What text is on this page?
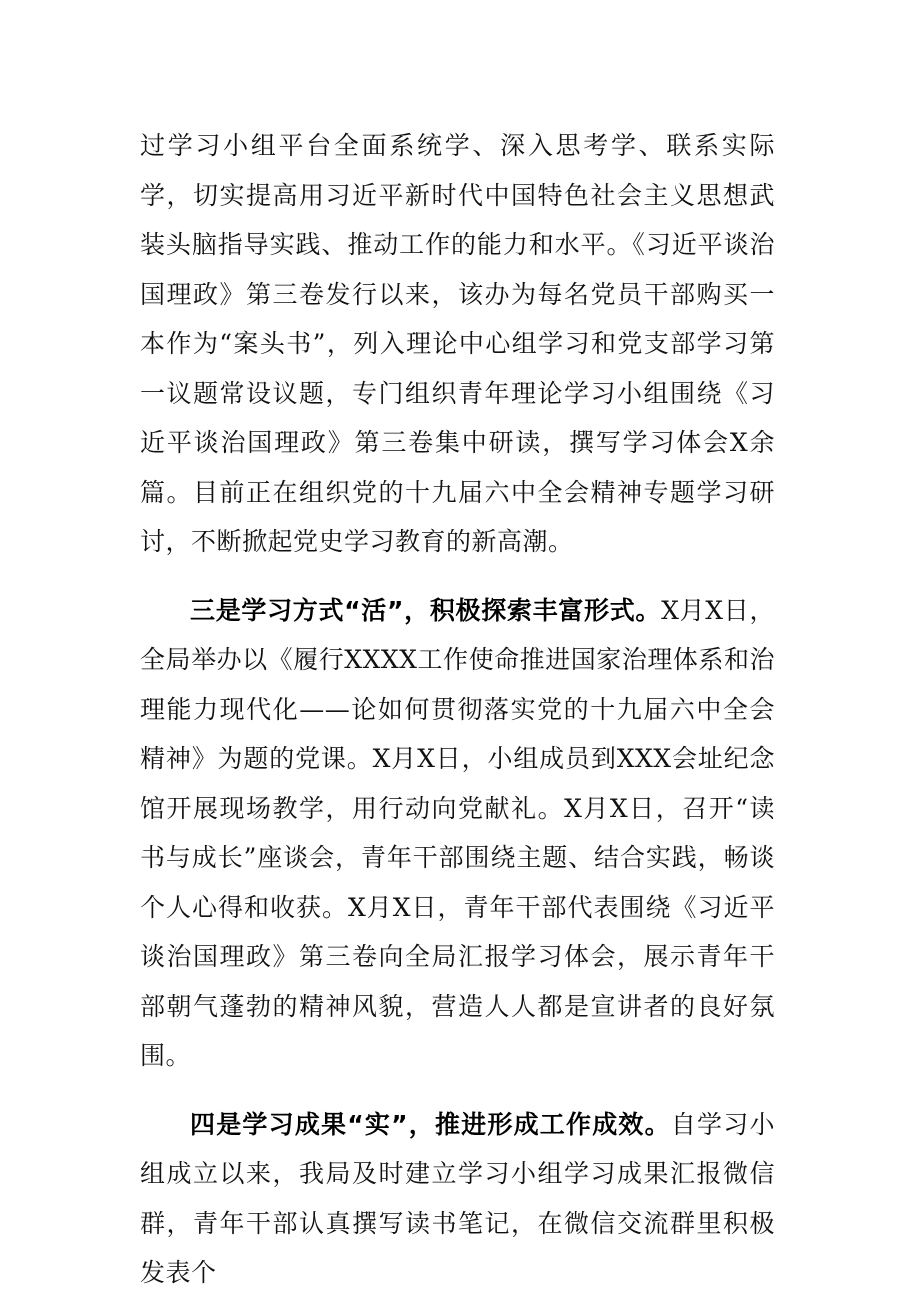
过学习小组平台全面系统学、深入思考学、联系实际学，切实提高用习近平新时代中国特色社会主义思想武装头脑指导实践、推动工作的能力和水平。《习近平谈治国理政》第三卷发行以来，该办为每名党员干部购买一本作为“案头书”，列入理论中心组学习和党支部学习第一议题常设议题，专门组织青年理论学习小组围绕《习近平谈治国理政》第三卷集中研读，撰写学习体会X余篇。目前正在组织党的十九届六中全会精神专题学习研讨，不断掀起党史学习教育的新高潮。

三是学习方式“活”，积极探索丰富形式。X月X日，全局举办以《履行XXXX工作使命推进国家治理体系和治理能力现代化——论如何贯彻落实党的十九届六中全会精神》为题的党课。X月X日，小组成员到XXX会址纪念馆开展现场教学，用行动向党献礼。X月X日，召开“读书与成长”座谈会，青年干部围绕主题、结合实践，畅谈个人心得和收获。X月X日，青年干部代表围绕《习近平谈治国理政》第三卷向全局汇报学习体会，展示青年干部朝气蓬勃的精神风貌，营造人人都是宣讲者的良好氛围。

四是学习成果“实”，推进形成工作成效。自学习小组成立以来，我局及时建立学习小组学习成果汇报微信群，青年干部认真撰写读书笔记，在微信交流群里积极发表个
